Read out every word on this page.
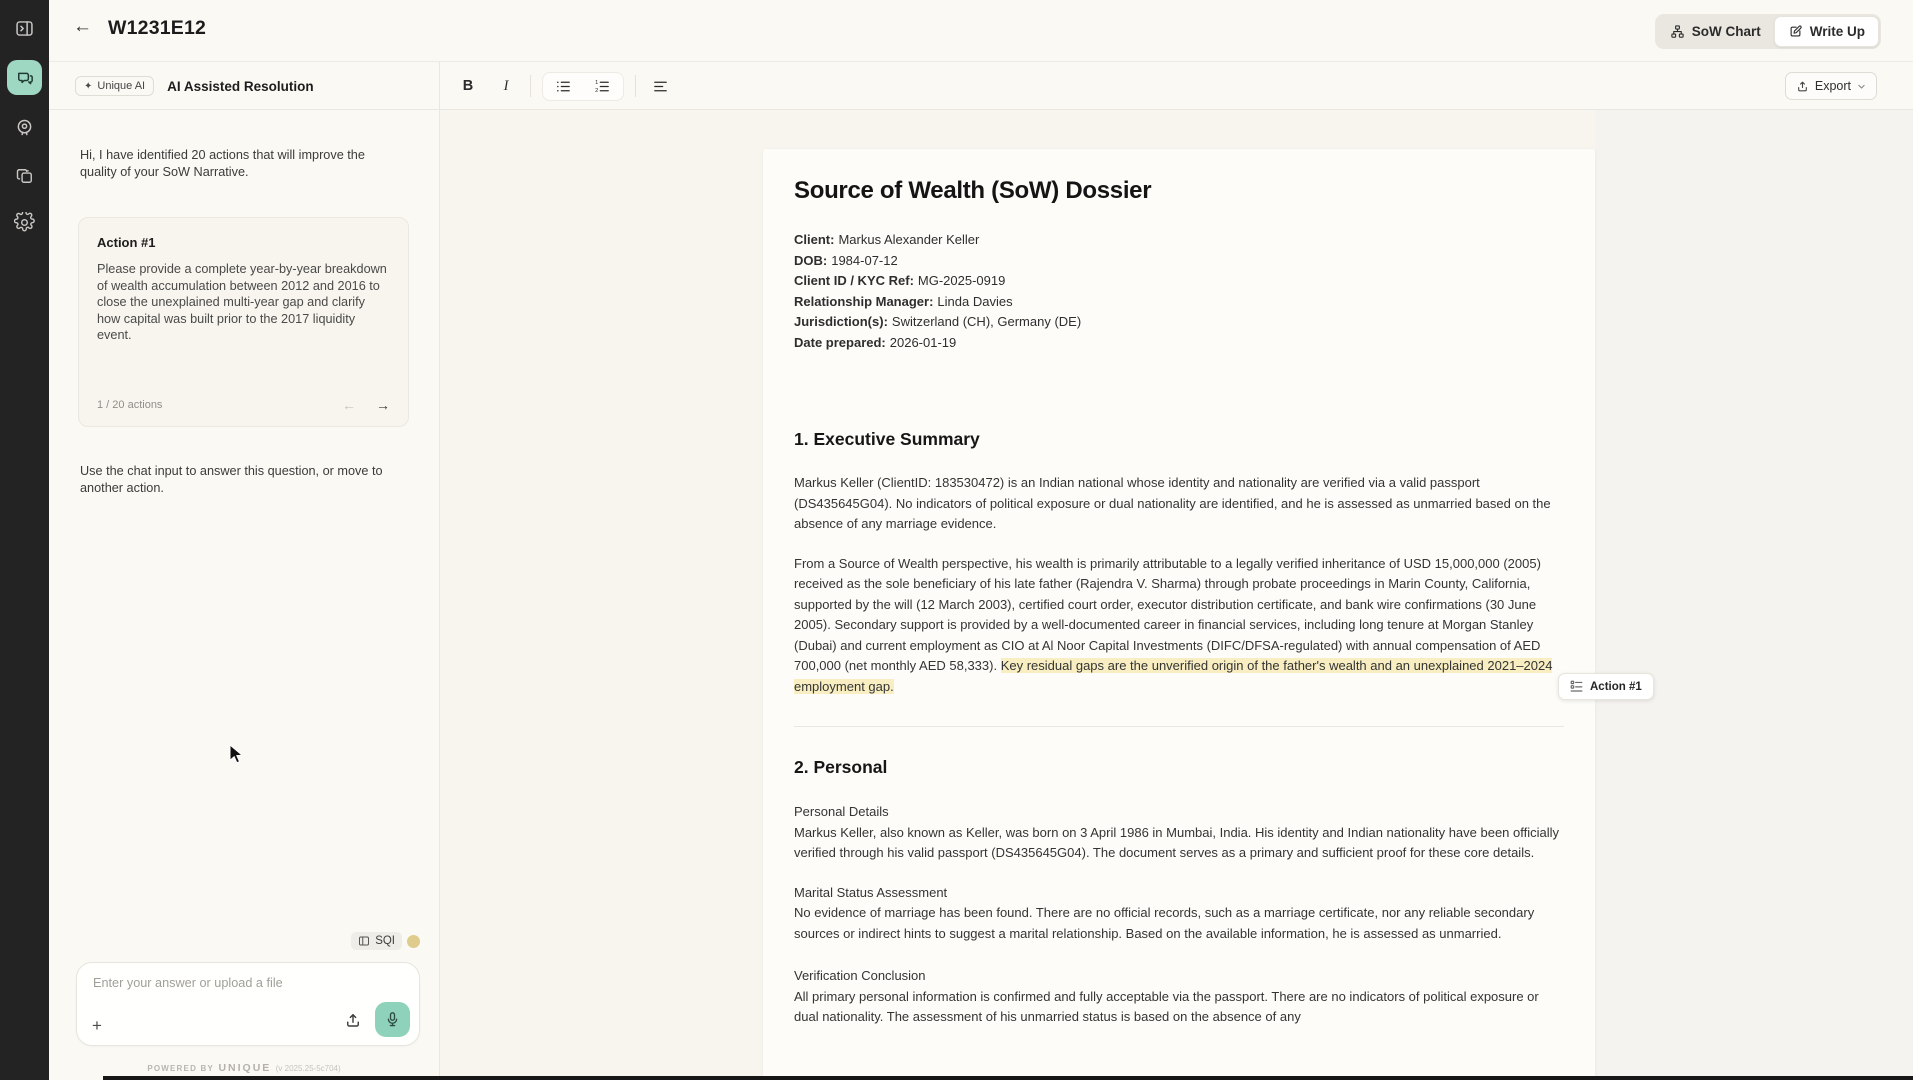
← W1231E12	SoW Chart	Write Up
✦ Unique AI AI Assisted Resolution	B	I	1
2	Export

Hi, I have identified 20 actions that will improve the quality of your SoW Narrative.

Action #1
Please provide a complete year-by-year breakdown of wealth accumulation between 2012 and 2016 to close the unexplained multi-year gap and clarify how capital was built prior to the 2017 liquidity event.
1 / 20 actions	← →

Use the chat input to answer this question, or move to another action.

SQI
Enter your answer or upload a file
+
POWERED BY UNIQUE (v 2025.25-5c704)
Source of Wealth (SoW) Dossier
Client: Markus Alexander Keller
DOB: 1984-07-12
Client ID / KYC Ref: MG-2025-0919
Relationship Manager: Linda Davies
Jurisdiction(s): Switzerland (CH), Germany (DE)
Date prepared: 2026-01-19
1. Executive Summary

Markus Keller (ClientID: 183530472) is an Indian national whose identity and nationality are verified via a valid passport (DS435645G04). No indicators of political exposure or dual nationality are identified, and he is assessed as unmarried based on the absence of any marriage evidence.

From a Source of Wealth perspective, his wealth is primarily attributable to a legally verified inheritance of USD 15,000,000 (2005) received as the sole beneficiary of his late father (Rajendra V. Sharma) through probate proceedings in Marin County, California, supported by the will (12 March 2003), certified court order, executor distribution certificate, and bank wire confirmations (30 June 2005). Secondary support is provided by a well-documented career in financial services, including long tenure at Morgan Stanley (Dubai) and current employment as CIO at Al Noor Capital Investments (DIFC/DFSA-regulated) with annual compensation of AED 700,000 (net monthly AED 58,333). Key residual gaps are the unverified origin of the father's wealth and an unexplained 2021–2024 employment gap.

2. Personal
Personal Details
Markus Keller, also known as Keller, was born on 3 April 1986 in Mumbai, India. His identity and Indian nationality have been officially verified through his valid passport (DS435645G04). The document serves as a primary and sufficient proof for these core details.
Marital Status Assessment
No evidence of marriage has been found. There are no official records, such as a marriage certificate, nor any reliable secondary sources or indirect hints to suggest a marital relationship. Based on the available information, he is assessed as unmarried.
Verification Conclusion
All primary personal information is confirmed and fully acceptable via the passport. There are no indicators of political exposure or dual nationality. The assessment of his unmarried status is based on the absence of any
Action #1
